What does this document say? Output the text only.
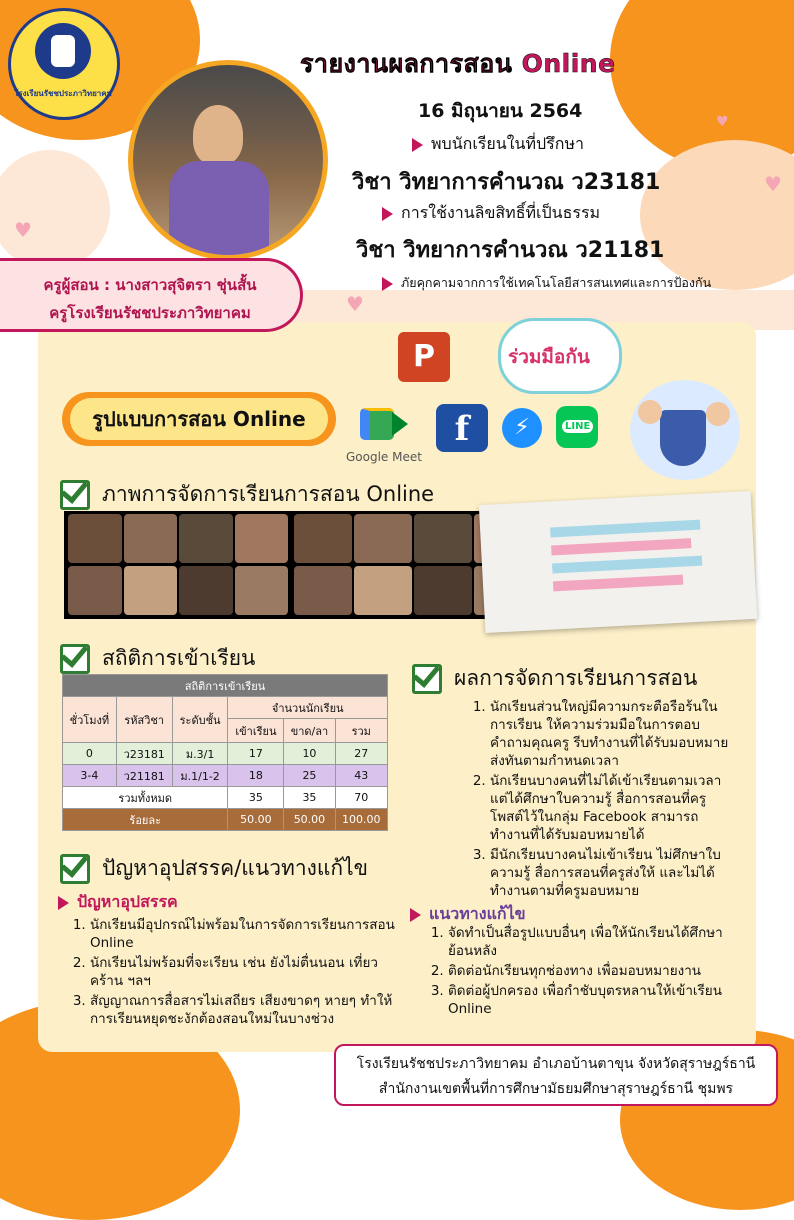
♥
♥
♥
♥
โรงเรียนรัชชประภาวิทยาคม
รายงานผลการสอน Online
16 มิถุนายน 2564
พบนักเรียนในที่ปรึกษา
วิชา วิทยาการคำนวณ ว23181
การใช้งานลิขสิทธิ์ที่เป็นธรรม
วิชา วิทยาการคำนวณ ว21181
ภัยคุกคามจากการใช้เทคโนโลยีสารสนเทศและการป้องกัน
ครูผู้สอน : นางสาวสุจิตรา ชุ่นสั้น
ครูโรงเรียนรัชชประภาวิทยาคม
P	ร่วมมือกัน
รูปแบบการสอน Online
Google Meet
f	⚡	LINE
ภาพการจัดการเรียนการสอน Online
สถิติการเข้าเรียน
สถิติการเข้าเรียน					
ชั่วโมงที่	รหัสวิชา	ระดับชั้น	จำนวนนักเรียน		
			เข้าเรียน	ขาด/ลา	รวม
0	ว23181	ม.3/1	17	10	27
3-4	ว21181	ม.1/1-2	18	25	43
รวมทั้งหมด			35	35	70
ร้อยละ			50.00	50.00	100.00
ผลการจัดการเรียนการสอน
1. นักเรียนส่วนใหญ่มีความกระตือรือร้นในการเรียน ให้ความร่วมมือในการตอบคำถามคุณครู รีบทำงานที่ได้รับมอบหมายส่งทันตามกำหนดเวลา
2. นักเรียนบางคนที่ไม่ได้เข้าเรียนตามเวลา แต่ได้ศึกษาใบความรู้ สื่อการสอนที่ครูโพสต์ไว้ในกลุ่ม Facebook สามารถทำงานที่ได้รับมอบหมายได้
3. มีนักเรียนบางคนไม่เข้าเรียน ไม่ศึกษาใบความรู้ สื่อการสอนที่ครูส่งให้ และไม่ได้ทำงานตามที่ครูมอบหมาย
ปัญหาอุปสรรค/แนวทางแก้ไข
ปัญหาอุปสรรค
1. นักเรียนมีอุปกรณ์ไม่พร้อมในการจัดการเรียนการสอน Online
2. นักเรียนไม่พร้อมที่จะเรียน เช่น ยังไม่ตื่นนอน เที่ยวคร้าน ฯลฯ
3. สัญญาณการสื่อสารไม่เสถียร เสียงขาดๆ หายๆ ทำให้การเรียนหยุดชะงักต้องสอนใหม่ในบางช่วง
แนวทางแก้ไข
1. จัดทำเป็นสื่อรูปแบบอื่นๆ เพื่อให้นักเรียนได้ศึกษาย้อนหลัง
2. ติดต่อนักเรียนทุกช่องทาง เพื่อมอบหมายงาน
3. ติดต่อผู้ปกครอง เพื่อกำชับบุตรหลานให้เข้าเรียน Online
โรงเรียนรัชชประภาวิทยาคม อำเภอบ้านตาขุน จังหวัดสุราษฎร์ธานี
สำนักงานเขตพื้นที่การศึกษามัธยมศึกษาสุราษฎร์ธานี ชุมพร
